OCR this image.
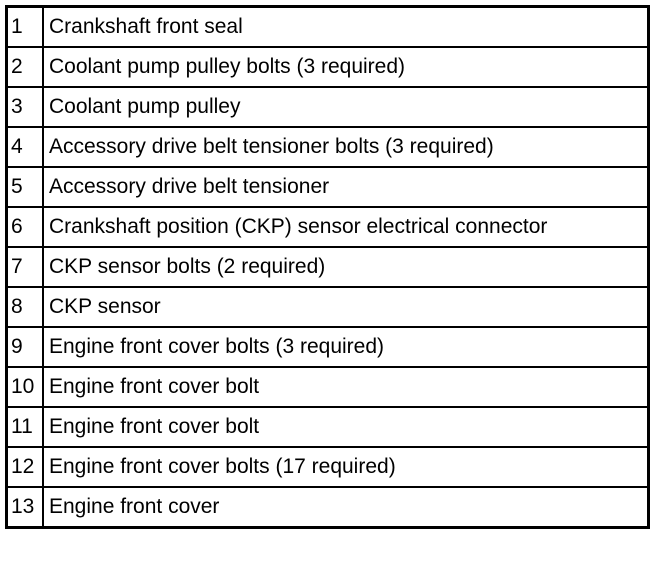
1	Crankshaft front seal
2	Coolant pump pulley bolts (3 required)
3	Coolant pump pulley
4	Accessory drive belt tensioner bolts (3 required)
5	Accessory drive belt tensioner
6	Crankshaft position (CKP) sensor electrical connector
7	CKP sensor bolts (2 required)
8	CKP sensor
9	Engine front cover bolts (3 required)
10	Engine front cover bolt
11	Engine front cover bolt
12	Engine front cover bolts (17 required)
13	Engine front cover
